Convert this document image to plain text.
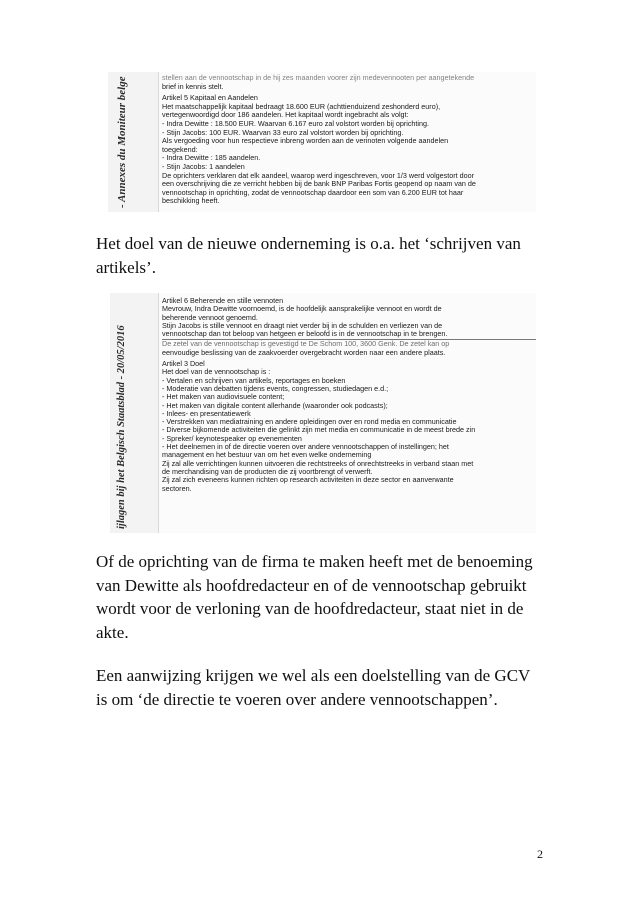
- Annexes du Moniteur belge	stellen aan de vennootschap in de hij zes maanden voorer zijn medevennooten per aangetekende
brief in kennis stelt.
Artikel 5 Kapitaal en Aandelen
Het maatschappelijk kapitaal bedraagt 18.600 EUR (achttienduizend zeshonderd euro),
vertegenwoordigd door 186 aandelen. Het kapitaal wordt ingebracht als volgt:
- Indra Dewitte : 18.500 EUR. Waarvan 6.167 euro zal volstort worden bij oprichting.
- Stijn Jacobs: 100 EUR. Waarvan 33 euro zal volstort worden bij oprichting.
Als vergoeding voor hun respectieve inbreng worden aan de verinoten volgende aandelen
toegekend:
- Indra Dewitte : 185 aandelen.
- Stijn Jacobs: 1 aandelen
De oprichters verklaren dat elk aandeel, waarop werd ingeschreven, voor 1/3 werd volgestort door
een overschrijving die ze verricht hebben bij de bank BNP Paribas Fortis geopend op naam van de
vennootschap in oprichting, zodat de vennootschap daardoor een som van 6.200 EUR tot haar
beschikking heeft.

Het doel van de nieuwe onderneming is o.a. het ‘schrijven van artikels’.

ijlagen bij het Belgisch Staatsblad - 20/05/2016
Artikel 6 Beherende en stille vennoten
Mevrouw, Indra Dewitte voornoemd, is de hoofdelijk aansprakelijke vennoot en wordt de
beherende vennoot genoemd.
Stijn Jacobs is stille vennoot en draagt niet verder bij in de schulden en verliezen van de
vennootschap dan tot beloop van hetgeen er beloofd is in de vennootschap in te brengen.
De zetel van de vennootschap is gevestigd te De Schom 100, 3600 Genk. De zetel kan op
eenvoudige beslissing van de zaakvoerder overgebracht worden naar een andere plaats.
Artikel 3 Doel
Het doel van de vennootschap is :
- Vertalen en schrijven van artikels, reportages en boeken
- Moderatie van debatten tijdens events, congressen, studiedagen e.d.;
- Het maken van audiovisuele content;
- Het maken van digitale content allerhande (waaronder ook podcasts);
- Inlees- en presentatiewerk
- Verstrekken van mediatraining en andere opleidingen over en rond media en communicatie
- Diverse bijkomende activiteiten die gelinkt zijn met media en communicatie in de meest brede zin
- Spreker/ keynotespeaker op evenementen
- Het deelnemen in of de directie voeren over andere vennootschappen of instellingen; het
management en het bestuur van om het even welke onderneming
Zij zal alle verrichtingen kunnen uitvoeren die rechtstreeks of onrechtstreeks in verband staan met
de merchandising van de producten die zij voortbrengt of verwerft.
Zij zal zich eveneens kunnen richten op research activiteiten in deze sector en aanverwante
sectoren.

Of de oprichting van de firma te maken heeft met de benoeming van Dewitte als hoofdredacteur en of de vennootschap gebruikt wordt voor de verloning van de hoofdredacteur, staat niet in de akte.

Een aanwijzing krijgen we wel als een doelstelling van de GCV is om ‘de directie te voeren over andere vennootschappen’.

2
